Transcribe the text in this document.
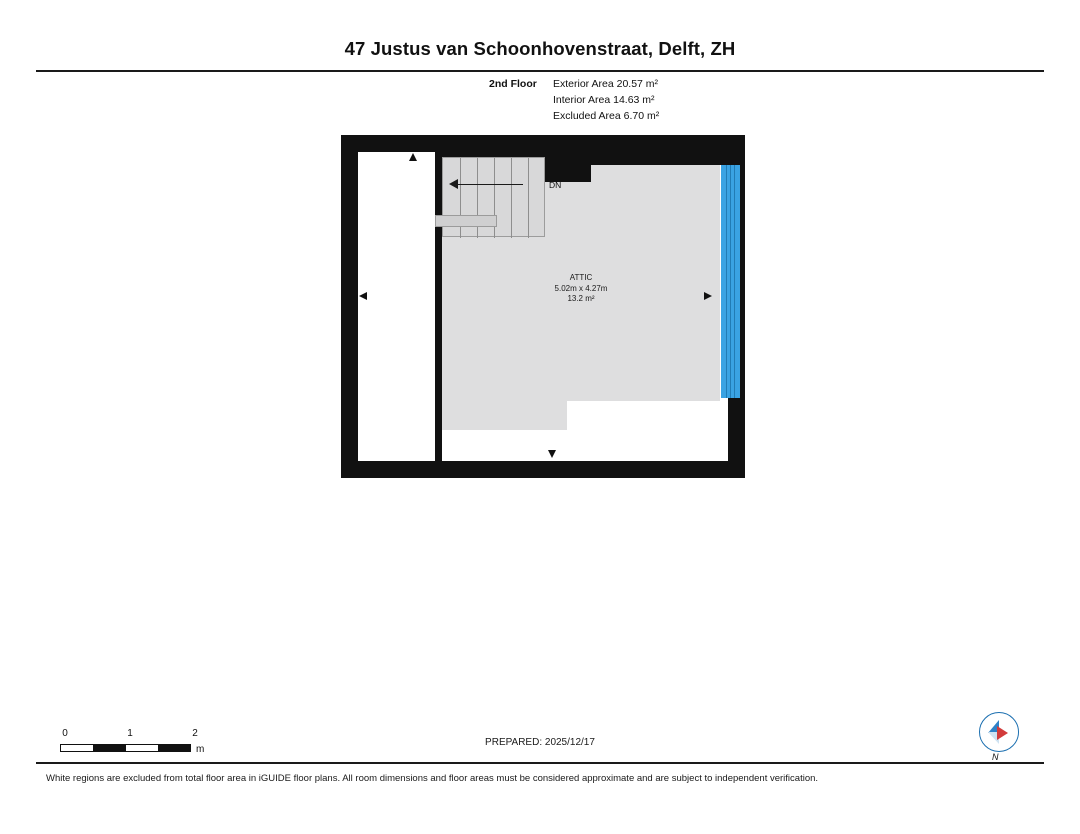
47 Justus van Schoonhovenstraat, Delft, ZH
2nd Floor	Exterior Area 20.57 m²
Interior Area 14.63 m²
Excluded Area 6.70 m²
DN
ATTIC
5.02m x 4.27m
13.2 m²
0	1	2
m
PREPARED: 2025/12/17
White regions are excluded from total floor area in iGUIDE floor plans. All room dimensions and floor areas must be considered approximate and are subject to independent verification.
N
